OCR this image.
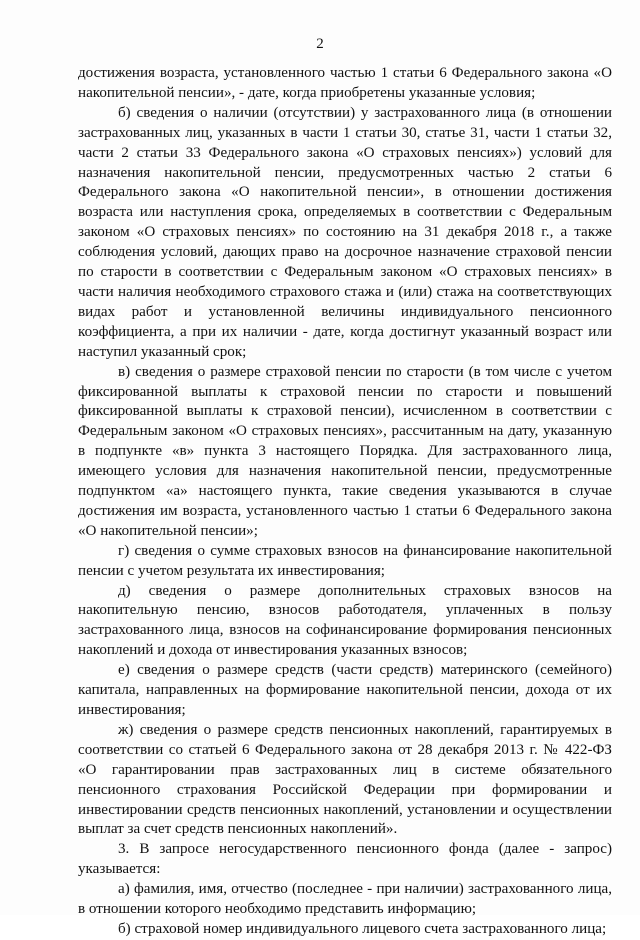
2

достижения возраста, установленного частью 1 статьи 6 Федерального закона «О накопительной пенсии», - дате, когда приобретены указанные условия;

б) сведения о наличии (отсутствии) у застрахованного лица (в отношении застрахованных лиц, указанных в части 1 статьи 30, статье 31, части 1 статьи 32, части 2 статьи 33 Федерального закона «О страховых пенсиях») условий для назначения накопительной пенсии, предусмотренных частью 2 статьи 6 Федерального закона «О накопительной пенсии», в отношении достижения возраста или наступления срока, определяемых в соответствии с Федеральным законом «О страховых пенсиях» по состоянию на 31 декабря 2018 г., а также соблюдения условий, дающих право на досрочное назначение страховой пенсии по старости в соответствии с Федеральным законом «О страховых пенсиях» в части наличия необходимого страхового стажа и (или) стажа на соответствующих видах работ и установленной величины индивидуального пенсионного коэффициента, а при их наличии - дате, когда достигнут указанный возраст или наступил указанный срок;

в) сведения о размере страховой пенсии по старости (в том числе с учетом фиксированной выплаты к страховой пенсии по старости и повышений фиксированной выплаты к страховой пенсии), исчисленном в соответствии с Федеральным законом «О страховых пенсиях», рассчитанным на дату, указанную в подпункте «в» пункта 3 настоящего Порядка. Для застрахованного лица, имеющего условия для назначения накопительной пенсии, предусмотренные подпунктом «а» настоящего пункта, такие сведения указываются в случае достижения им возраста, установленного частью 1 статьи 6 Федерального закона «О накопительной пенсии»;

г) сведения о сумме страховых взносов на финансирование накопительной пенсии с учетом результата их инвестирования;

д) сведения о размере дополнительных страховых взносов на накопительную пенсию, взносов работодателя, уплаченных в пользу застрахованного лица, взносов на софинансирование формирования пенсионных накоплений и дохода от инвестирования указанных взносов;

е) сведения о размере средств (части средств) материнского (семейного) капитала, направленных на формирование накопительной пенсии, дохода от их инвестирования;

ж) сведения о размере средств пенсионных накоплений, гарантируемых в соответствии со статьей 6 Федерального закона от 28 декабря 2013 г. № 422-ФЗ «О гарантировании прав застрахованных лиц в системе обязательного пенсионного страхования Российской Федерации при формировании и инвестировании средств пенсионных накоплений, установлении и осуществлении выплат за счет средств пенсионных накоплений».

3. В запросе негосударственного пенсионного фонда (далее - запрос) указывается:

а) фамилия, имя, отчество (последнее - при наличии) застрахованного лица, в отношении которого необходимо представить информацию;

б) страховой номер индивидуального лицевого счета застрахованного лица;
